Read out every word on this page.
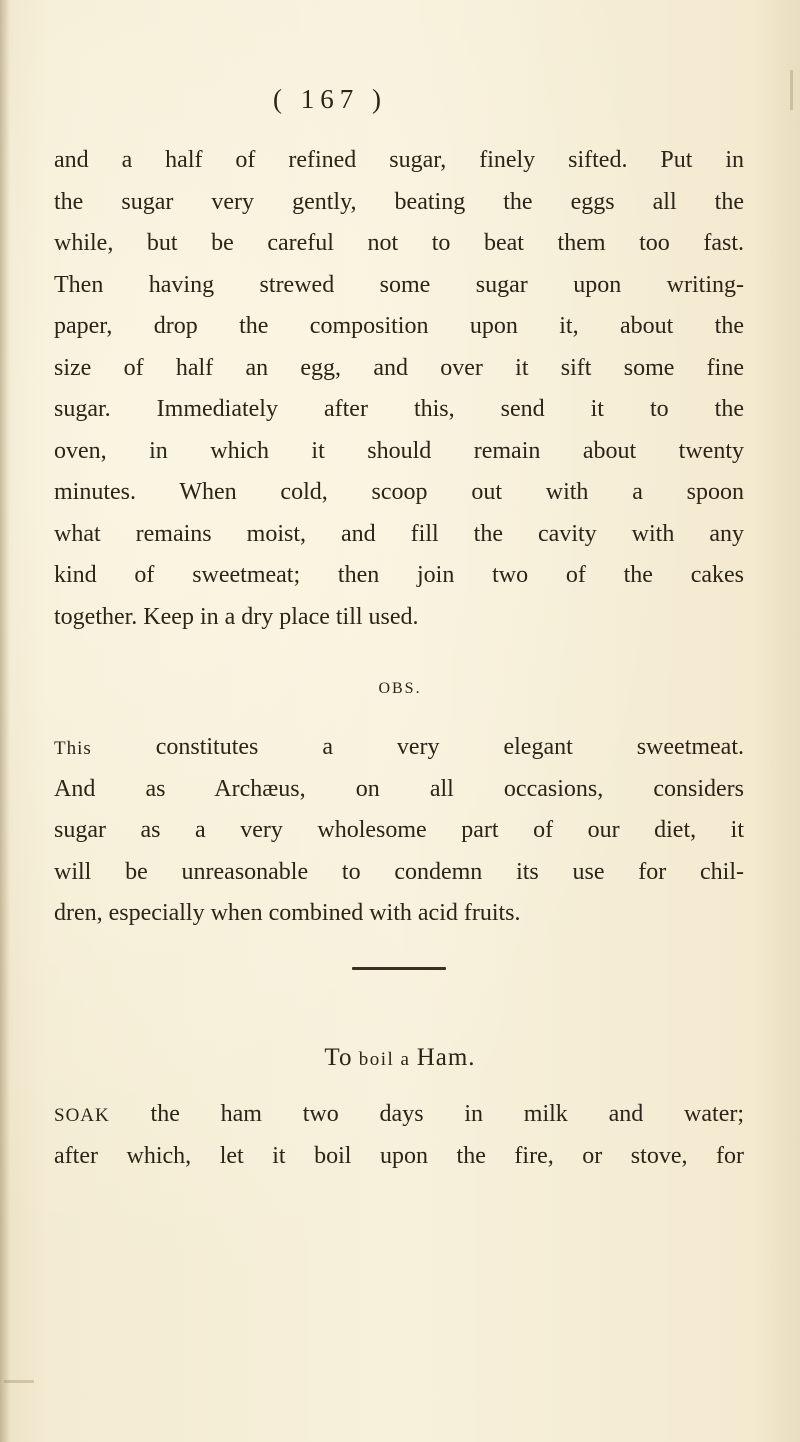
( 167 )
and a half of refined sugar, finely sifted. Put in
the sugar very gently, beating the eggs all the
while, but be careful not to beat them too fast.
Then having strewed some sugar upon writing-
paper, drop the composition upon it, about the
size of half an egg, and over it sift some fine
sugar. Immediately after this, send it to the
oven, in which it should remain about twenty
minutes. When cold, scoop out with a spoon
what remains moist, and fill the cavity with any
kind of sweetmeat; then join two of the cakes
together. Keep in a dry place till used.
OBS.
This constitutes a very elegant sweetmeat.
And as Archæus, on all occasions, considers
sugar as a very wholesome part of our diet, it
will be unreasonable to condemn its use for chil-
dren, especially when combined with acid fruits.
To boil a Ham.
SOAK the ham two days in milk and water;
after which, let it boil upon the fire, or stove, for
